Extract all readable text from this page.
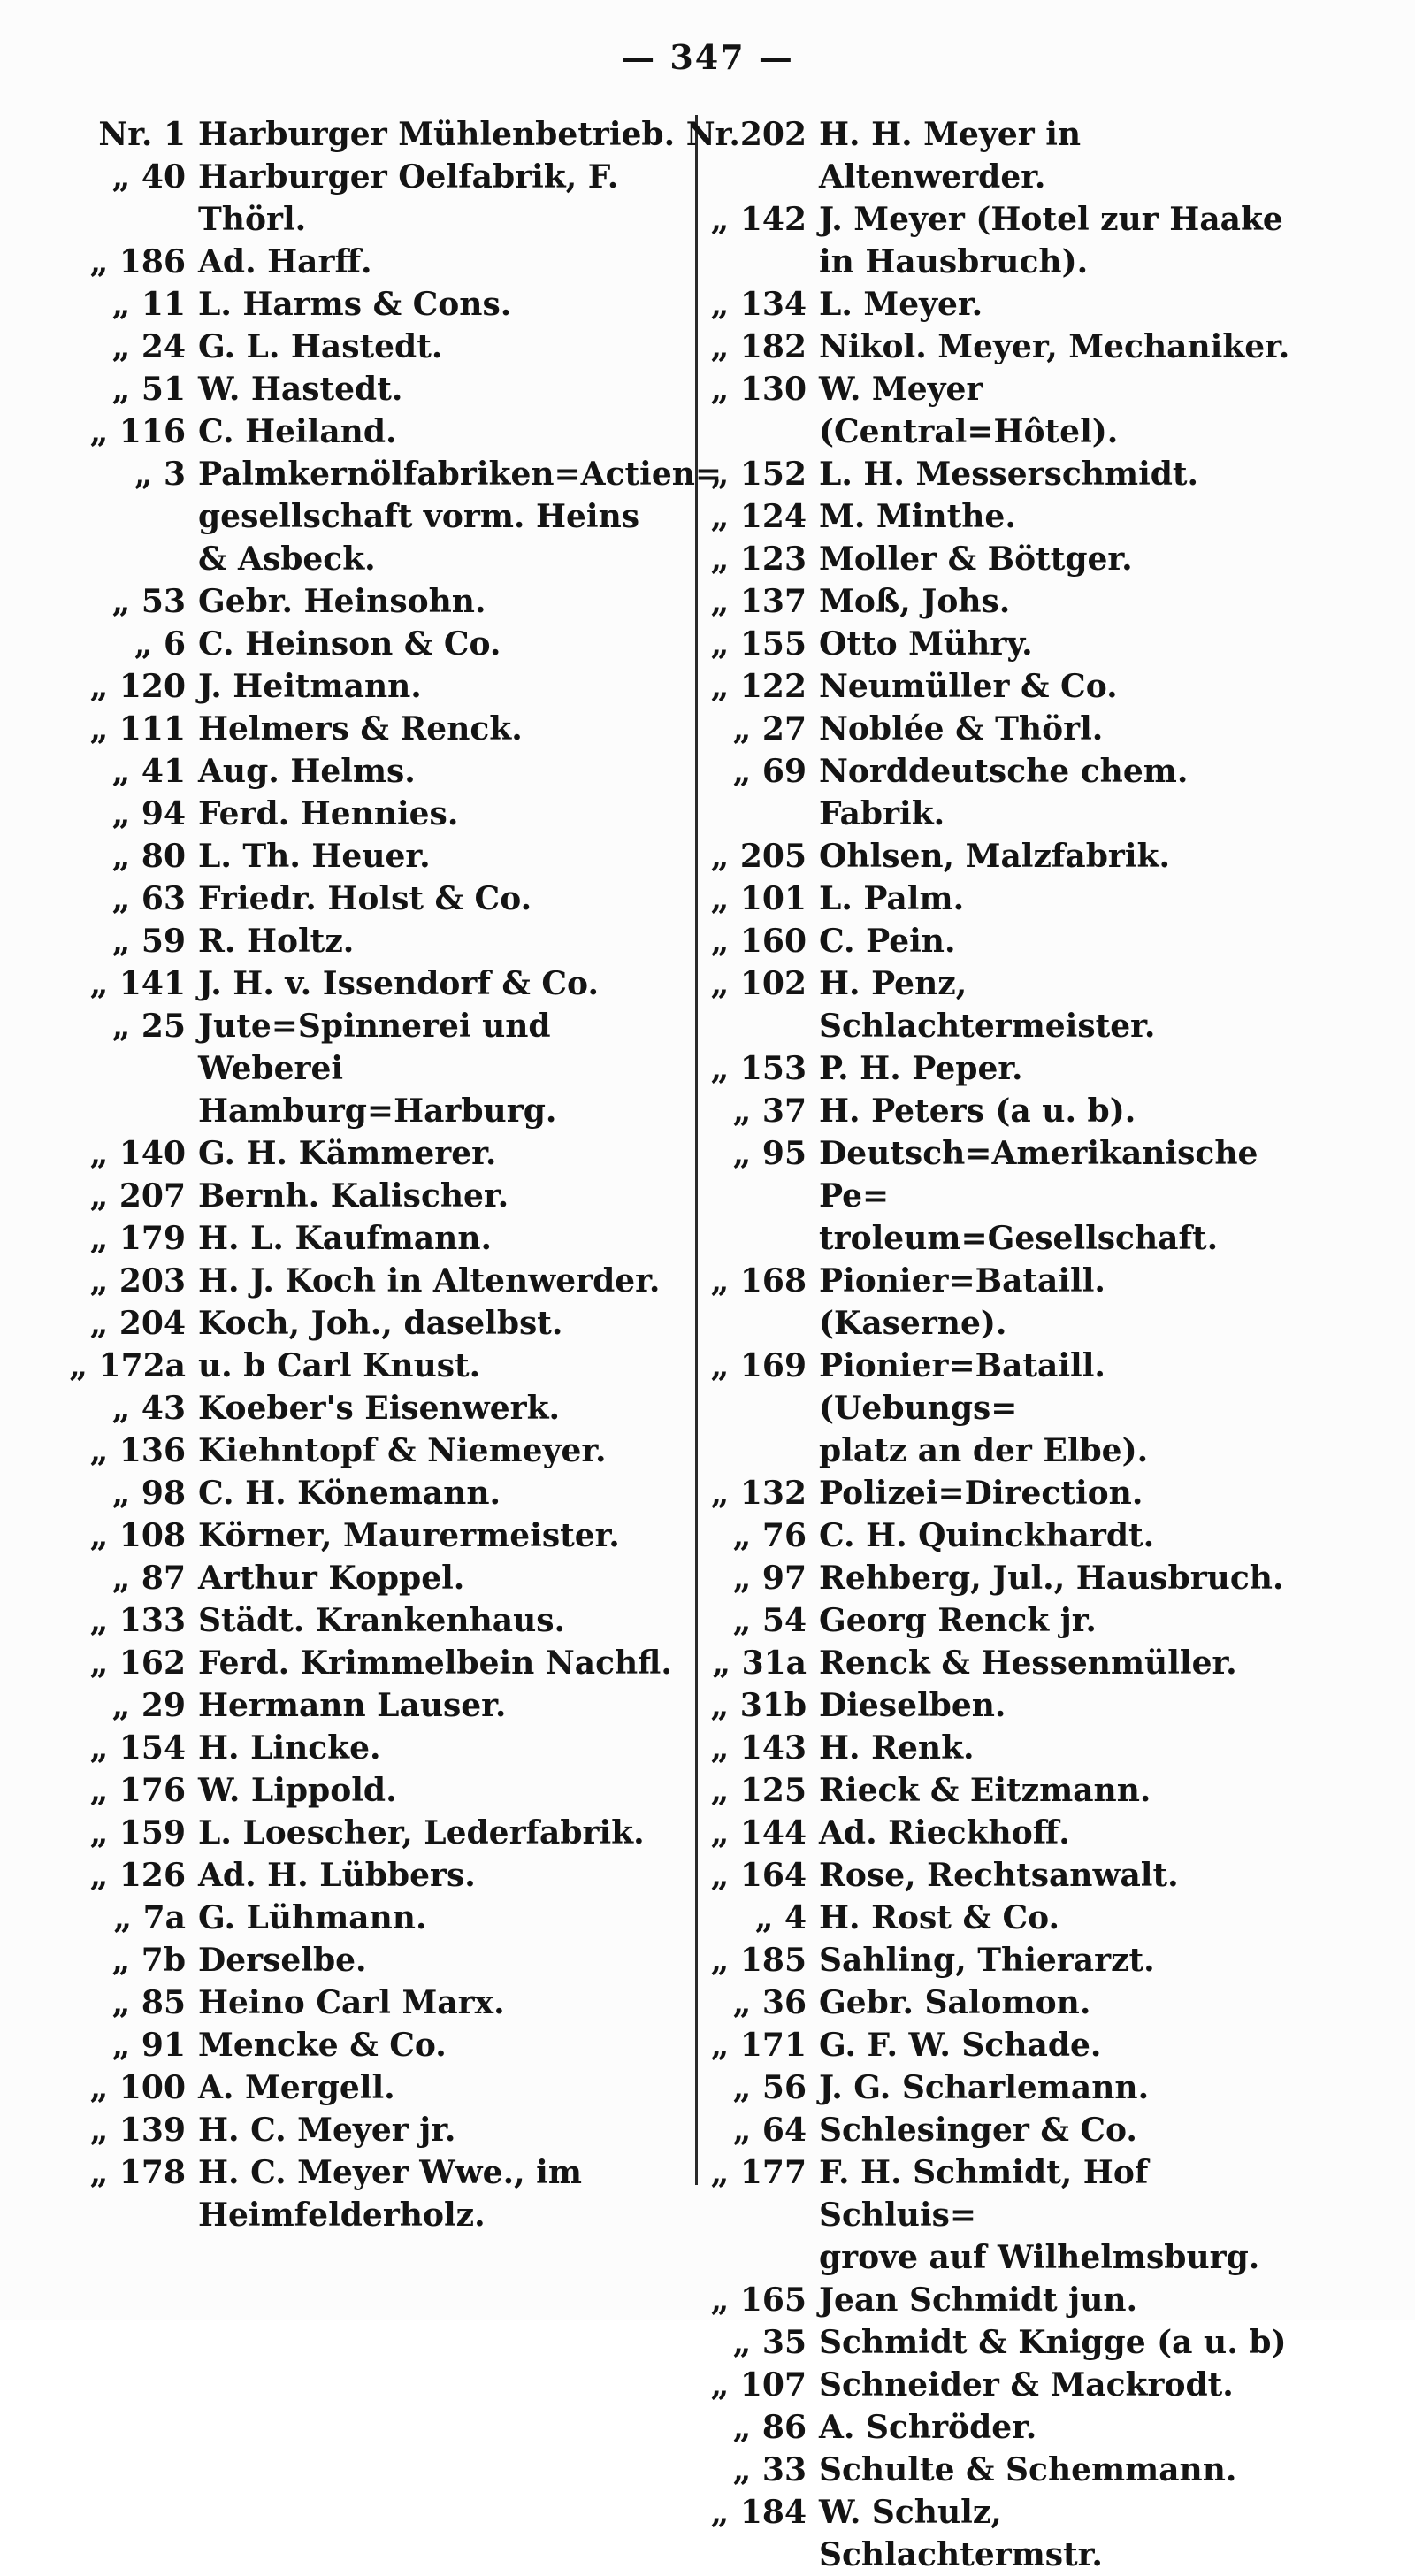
— 347 —
Nr. 1 Harburger Mühlenbetrieb.
„ 40 Harburger Oelfabrik, F.
Thörl.
„ 186 Ad. Harff.
„ 11 L. Harms & Cons.
„ 24 G. L. Hastedt.
„ 51 W. Hastedt.
„ 116 C. Heiland.
„ 3 Palmkernölfabriken=Actien=
gesellschaft vorm. Heins
& Asbeck.
„ 53 Gebr. Heinsohn.
„ 6 C. Heinson & Co.
„ 120 J. Heitmann.
„ 111 Helmers & Renck.
„ 41 Aug. Helms.
„ 94 Ferd. Hennies.
„ 80 L. Th. Heuer.
„ 63 Friedr. Holst & Co.
„ 59 R. Holtz.
„ 141 J. H. v. Issendorf & Co.
„ 25 Jute=Spinnerei und Weberei
Hamburg=Harburg.
„ 140 G. H. Kämmerer.
„ 207 Bernh. Kalischer.
„ 179 H. L. Kaufmann.
„ 203 H. J. Koch in Altenwerder.
„ 204 Koch, Joh., daselbst.
„ 172a u. b Carl Knust.
„ 43 Koeber's Eisenwerk.
„ 136 Kiehntopf & Niemeyer.
„ 98 C. H. Könemann.
„ 108 Körner, Maurermeister.
„ 87 Arthur Koppel.
„ 133 Städt. Krankenhaus.
„ 162 Ferd. Krimmelbein Nachfl.
„ 29 Hermann Lauser.
„ 154 H. Lincke.
„ 176 W. Lippold.
„ 159 L. Loescher, Lederfabrik.
„ 126 Ad. H. Lübbers.
„ 7a G. Lühmann.
„ 7b Derselbe.
„ 85 Heino Carl Marx.
„ 91 Mencke & Co.
„ 100 A. Mergell.
„ 139 H. C. Meyer jr.
„ 178 H. C. Meyer Wwe., im
Heimfelderholz.
Nr.202 H. H. Meyer in Altenwerder.
„ 142 J. Meyer (Hotel zur Haake
in Hausbruch).
„ 134 L. Meyer.
„ 182 Nikol. Meyer, Mechaniker.
„ 130 W. Meyer (Central=Hôtel).
„ 152 L. H. Messerschmidt.
„ 124 M. Minthe.
„ 123 Moller & Böttger.
„ 137 Moß, Johs.
„ 155 Otto Mühry.
„ 122 Neumüller & Co.
„ 27 Noblée & Thörl.
„ 69 Norddeutsche chem. Fabrik.
„ 205 Ohlsen, Malzfabrik.
„ 101 L. Palm.
„ 160 C. Pein.
„ 102 H. Penz, Schlachtermeister.
„ 153 P. H. Peper.
„ 37 H. Peters (a u. b).
„ 95 Deutsch=Amerikanische Pe=
troleum=Gesellschaft.
„ 168 Pionier=Bataill. (Kaserne).
„ 169 Pionier=Bataill. (Uebungs=
platz an der Elbe).
„ 132 Polizei=Direction.
„ 76 C. H. Quinckhardt.
„ 97 Rehberg, Jul., Hausbruch.
„ 54 Georg Renck jr.
„ 31a Renck & Hessenmüller.
„ 31b Dieselben.
„ 143 H. Renk.
„ 125 Rieck & Eitzmann.
„ 144 Ad. Rieckhoff.
„ 164 Rose, Rechtsanwalt.
„ 4 H. Rost & Co.
„ 185 Sahling, Thierarzt.
„ 36 Gebr. Salomon.
„ 171 G. F. W. Schade.
„ 56 J. G. Scharlemann.
„ 64 Schlesinger & Co.
„ 177 F. H. Schmidt, Hof Schluis=
grove auf Wilhelmsburg.
„ 165 Jean Schmidt jun.
„ 35 Schmidt & Knigge (a u. b)
„ 107 Schneider & Mackrodt.
„ 86 A. Schröder.
„ 33 Schulte & Schemmann.
„ 184 W. Schulz, Schlachtermstr.
